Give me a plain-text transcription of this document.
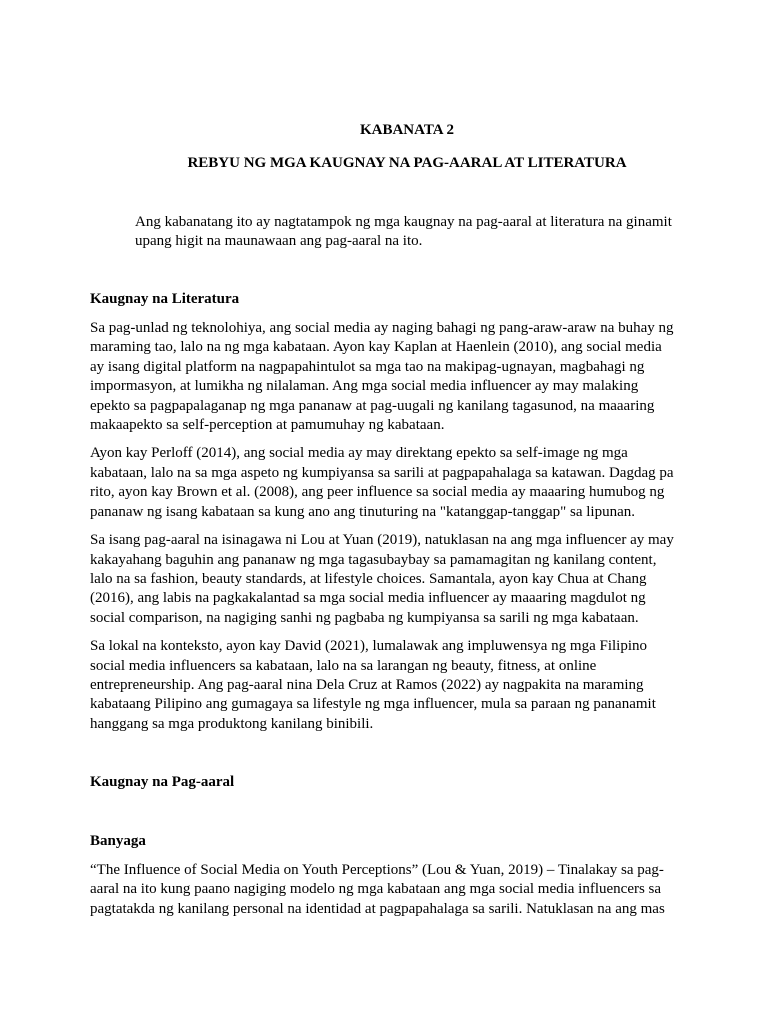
KABANATA 2

REBYU NG MGA KAUGNAY NA PAG-AARAL AT LITERATURA

Ang kabanatang ito ay nagtatampok ng mga kaugnay na pag-aaral at literatura na ginamit
upang higit na maunawaan ang pag-aaral na ito.

Kaugnay na Literatura

Sa pag-unlad ng teknolohiya, ang social media ay naging bahagi ng pang-araw-araw na buhay ng
maraming tao, lalo na ng mga kabataan. Ayon kay Kaplan at Haenlein (2010), ang social media
ay isang digital platform na nagpapahintulot sa mga tao na makipag-ugnayan, magbahagi ng
impormasyon, at lumikha ng nilalaman. Ang mga social media influencer ay may malaking
epekto sa pagpapalaganap ng mga pananaw at pag-uugali ng kanilang tagasunod, na maaaring
makaapekto sa self-perception at pamumuhay ng kabataan.

Ayon kay Perloff (2014), ang social media ay may direktang epekto sa self-image ng mga
kabataan, lalo na sa mga aspeto ng kumpiyansa sa sarili at pagpapahalaga sa katawan. Dagdag pa
rito, ayon kay Brown et al. (2008), ang peer influence sa social media ay maaaring humubog ng
pananaw ng isang kabataan sa kung ano ang tinuturing na "katanggap-tanggap" sa lipunan.

Sa isang pag-aaral na isinagawa ni Lou at Yuan (2019), natuklasan na ang mga influencer ay may
kakayahang baguhin ang pananaw ng mga tagasubaybay sa pamamagitan ng kanilang content,
lalo na sa fashion, beauty standards, at lifestyle choices. Samantala, ayon kay Chua at Chang
(2016), ang labis na pagkakalantad sa mga social media influencer ay maaaring magdulot ng
social comparison, na nagiging sanhi ng pagbaba ng kumpiyansa sa sarili ng mga kabataan.

Sa lokal na konteksto, ayon kay David (2021), lumalawak ang impluwensya ng mga Filipino
social media influencers sa kabataan, lalo na sa larangan ng beauty, fitness, at online
entrepreneurship. Ang pag-aaral nina Dela Cruz at Ramos (2022) ay nagpakita na maraming
kabataang Pilipino ang gumagaya sa lifestyle ng mga influencer, mula sa paraan ng pananamit
hanggang sa mga produktong kanilang binibili.

Kaugnay na Pag-aaral

Banyaga

“The Influence of Social Media on Youth Perceptions” (Lou & Yuan, 2019) – Tinalakay sa pag-
aaral na ito kung paano nagiging modelo ng mga kabataan ang mga social media influencers sa
pagtatakda ng kanilang personal na identidad at pagpapahalaga sa sarili. Natuklasan na ang mas
